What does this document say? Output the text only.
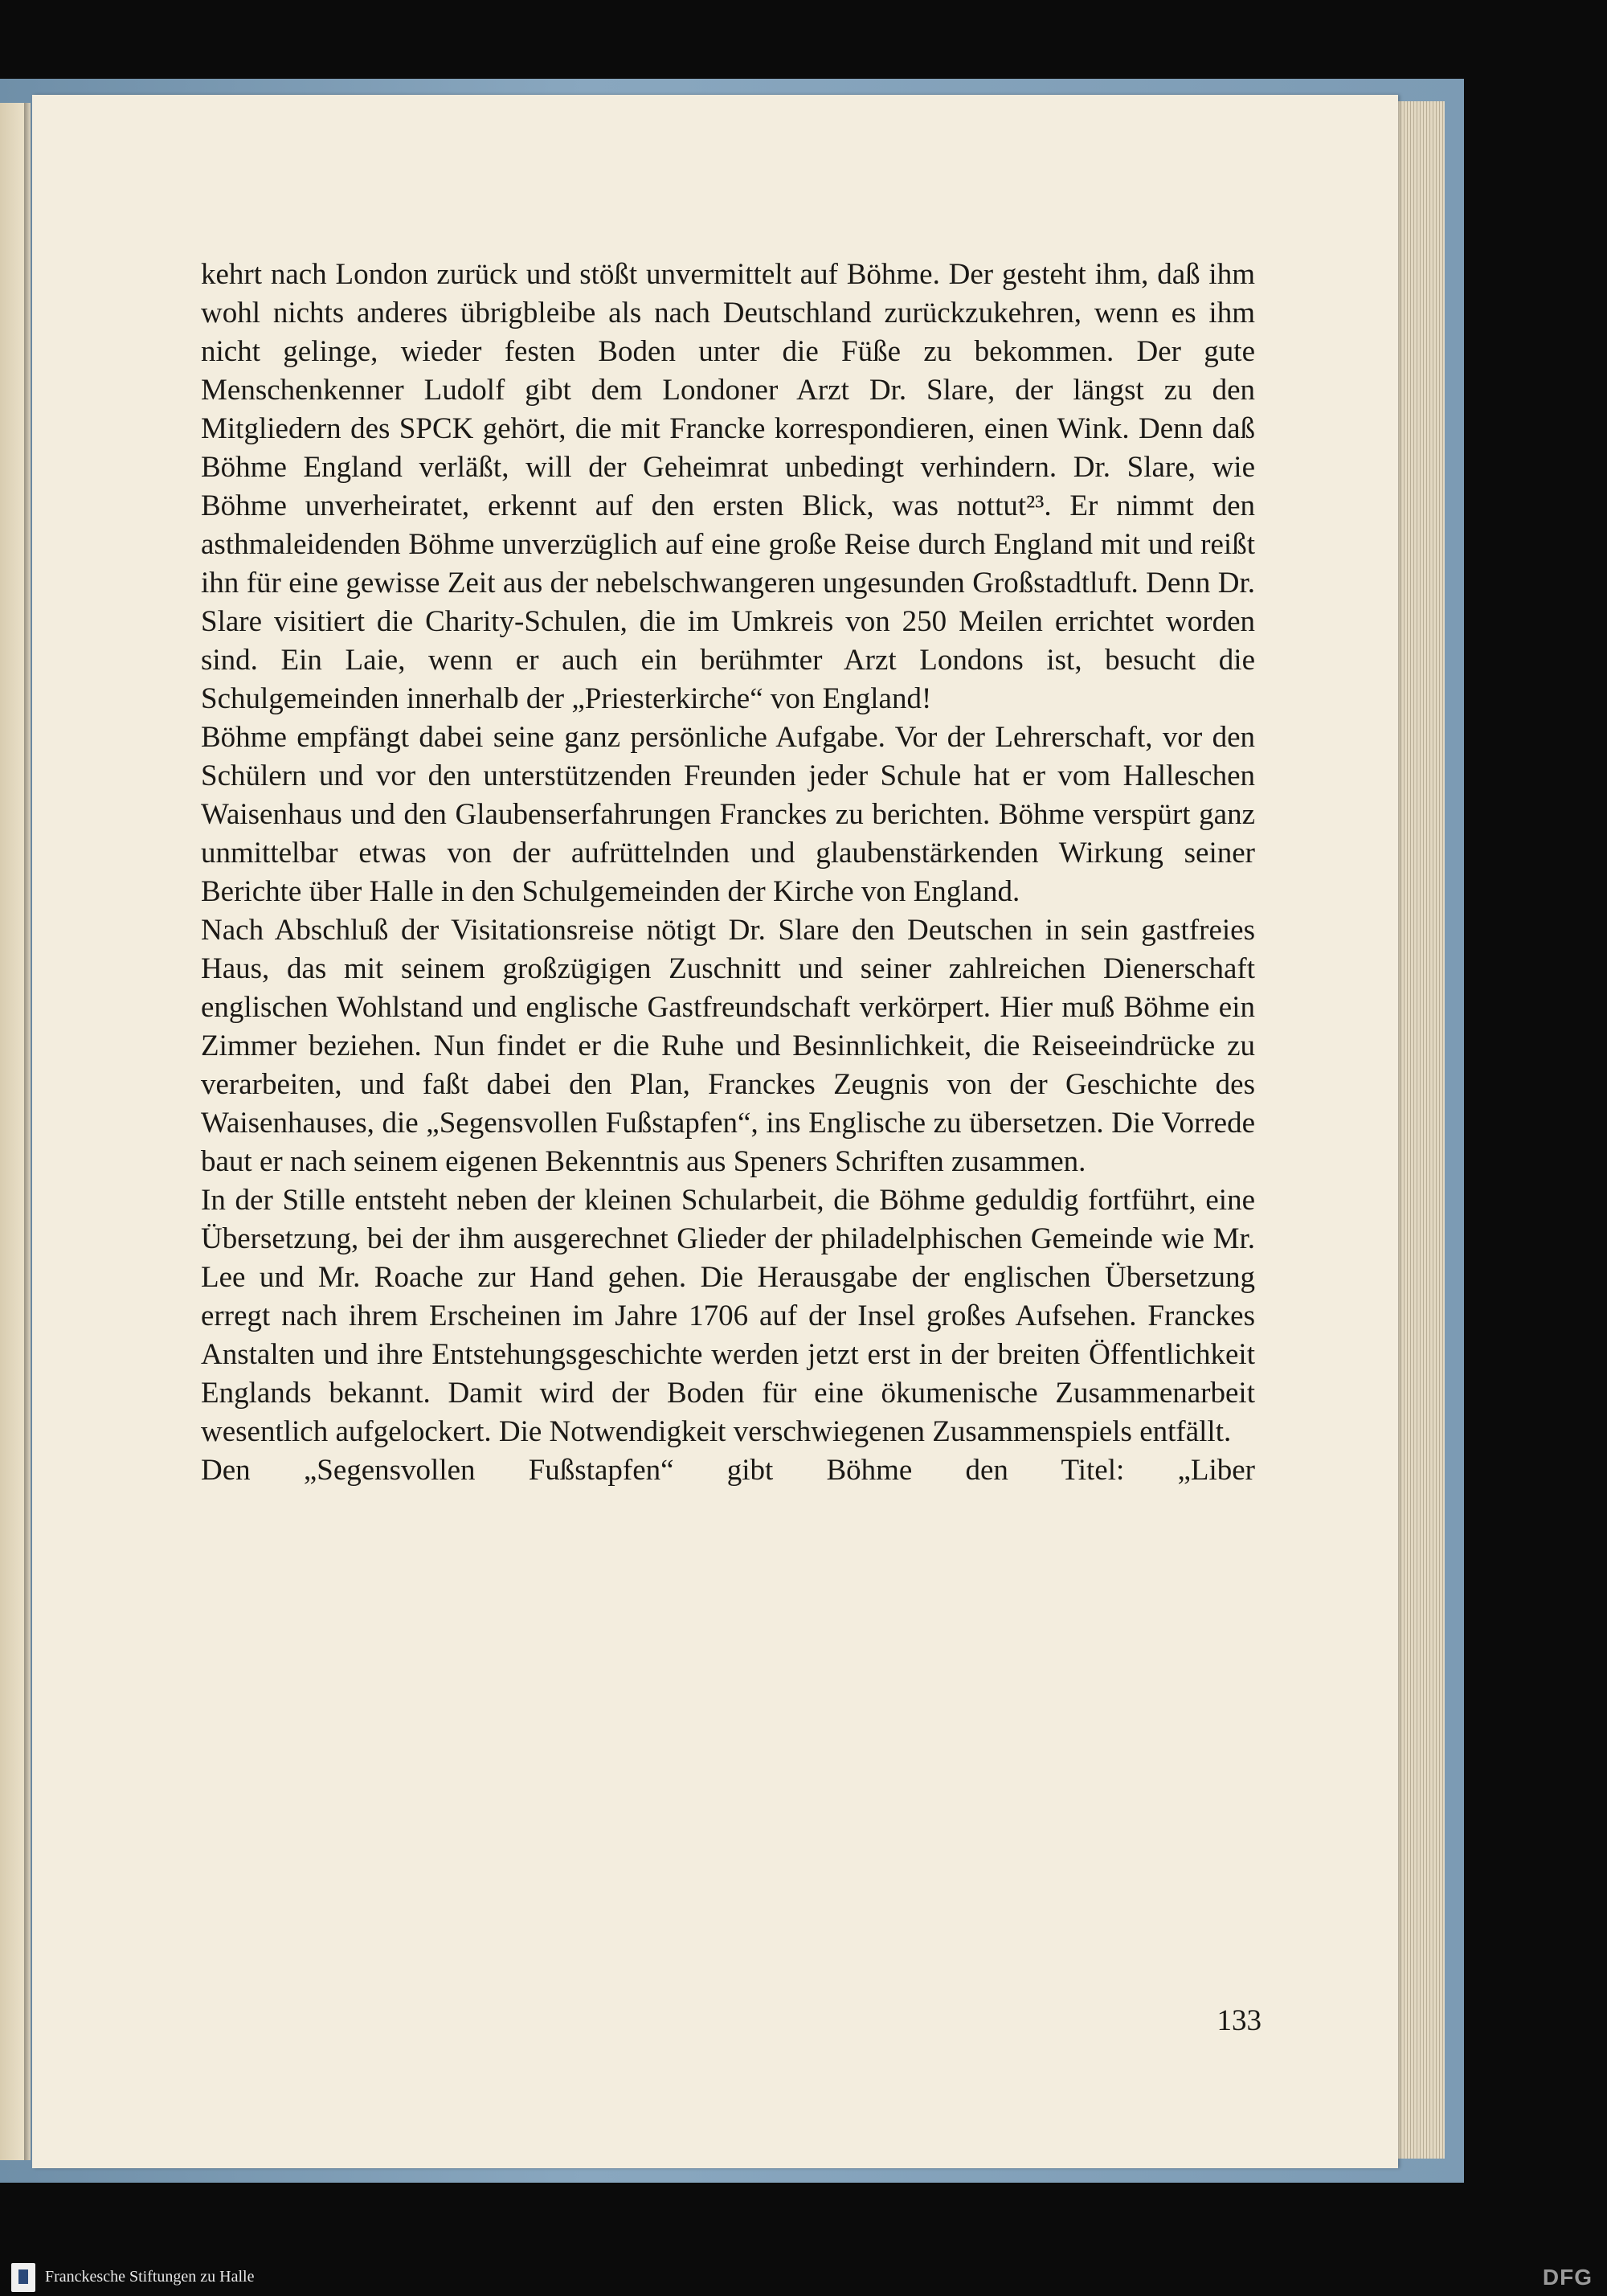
kehrt nach London zurück und stößt unvermittelt auf Böhme. Der gesteht ihm, daß ihm wohl nichts anderes übrigbleibe als nach Deutschland zurückzukehren, wenn es ihm nicht gelinge, wieder festen Boden unter die Füße zu bekommen. Der gute Menschenkenner Ludolf gibt dem Londoner Arzt Dr. Slare, der längst zu den Mitgliedern des SPCK gehört, die mit Francke korrespondieren, einen Wink. Denn daß Böhme England verläßt, will der Geheimrat unbedingt verhindern. Dr. Slare, wie Böhme unverheiratet, erkennt auf den ersten Blick, was nottut²³. Er nimmt den asthmaleidenden Böhme unverzüglich auf eine große Reise durch England mit und reißt ihn für eine gewisse Zeit aus der nebelschwangeren ungesunden Großstadtluft. Denn Dr. Slare visitiert die Charity-Schulen, die im Umkreis von 250 Meilen errichtet worden sind. Ein Laie, wenn er auch ein berühmter Arzt Londons ist, besucht die Schulgemeinden innerhalb der „Priesterkirche“ von England!

Böhme empfängt dabei seine ganz persönliche Aufgabe. Vor der Lehrerschaft, vor den Schülern und vor den unterstützenden Freunden jeder Schule hat er vom Halleschen Waisenhaus und den Glaubenserfahrungen Franckes zu berichten. Böhme verspürt ganz unmittelbar etwas von der aufrüttelnden und glaubenstärkenden Wirkung seiner Berichte über Halle in den Schulgemeinden der Kirche von England.

Nach Abschluß der Visitationsreise nötigt Dr. Slare den Deutschen in sein gastfreies Haus, das mit seinem großzügigen Zuschnitt und seiner zahlreichen Dienerschaft englischen Wohlstand und englische Gastfreundschaft verkörpert. Hier muß Böhme ein Zimmer beziehen. Nun findet er die Ruhe und Besinnlichkeit, die Reiseeindrücke zu verarbeiten, und faßt dabei den Plan, Franckes Zeugnis von der Geschichte des Waisenhauses, die „Segensvollen Fußstapfen“, ins Englische zu übersetzen. Die Vorrede baut er nach seinem eigenen Bekenntnis aus Speners Schriften zusammen.

In der Stille entsteht neben der kleinen Schularbeit, die Böhme geduldig fortführt, eine Übersetzung, bei der ihm ausgerechnet Glieder der philadelphischen Gemeinde wie Mr. Lee und Mr. Roache zur Hand gehen. Die Herausgabe der englischen Übersetzung erregt nach ihrem Erscheinen im Jahre 1706 auf der Insel großes Aufsehen. Franckes Anstalten und ihre Entstehungsgeschichte werden jetzt erst in der breiten Öffentlichkeit Englands bekannt. Damit wird der Boden für eine ökumenische Zusammenarbeit wesentlich aufgelockert. Die Notwendigkeit verschwiegenen Zusammenspiels entfällt.

Den „Segensvollen Fußstapfen“ gibt Böhme den Titel: „Liber

133
Franckesche Stiftungen zu Halle	DFG
